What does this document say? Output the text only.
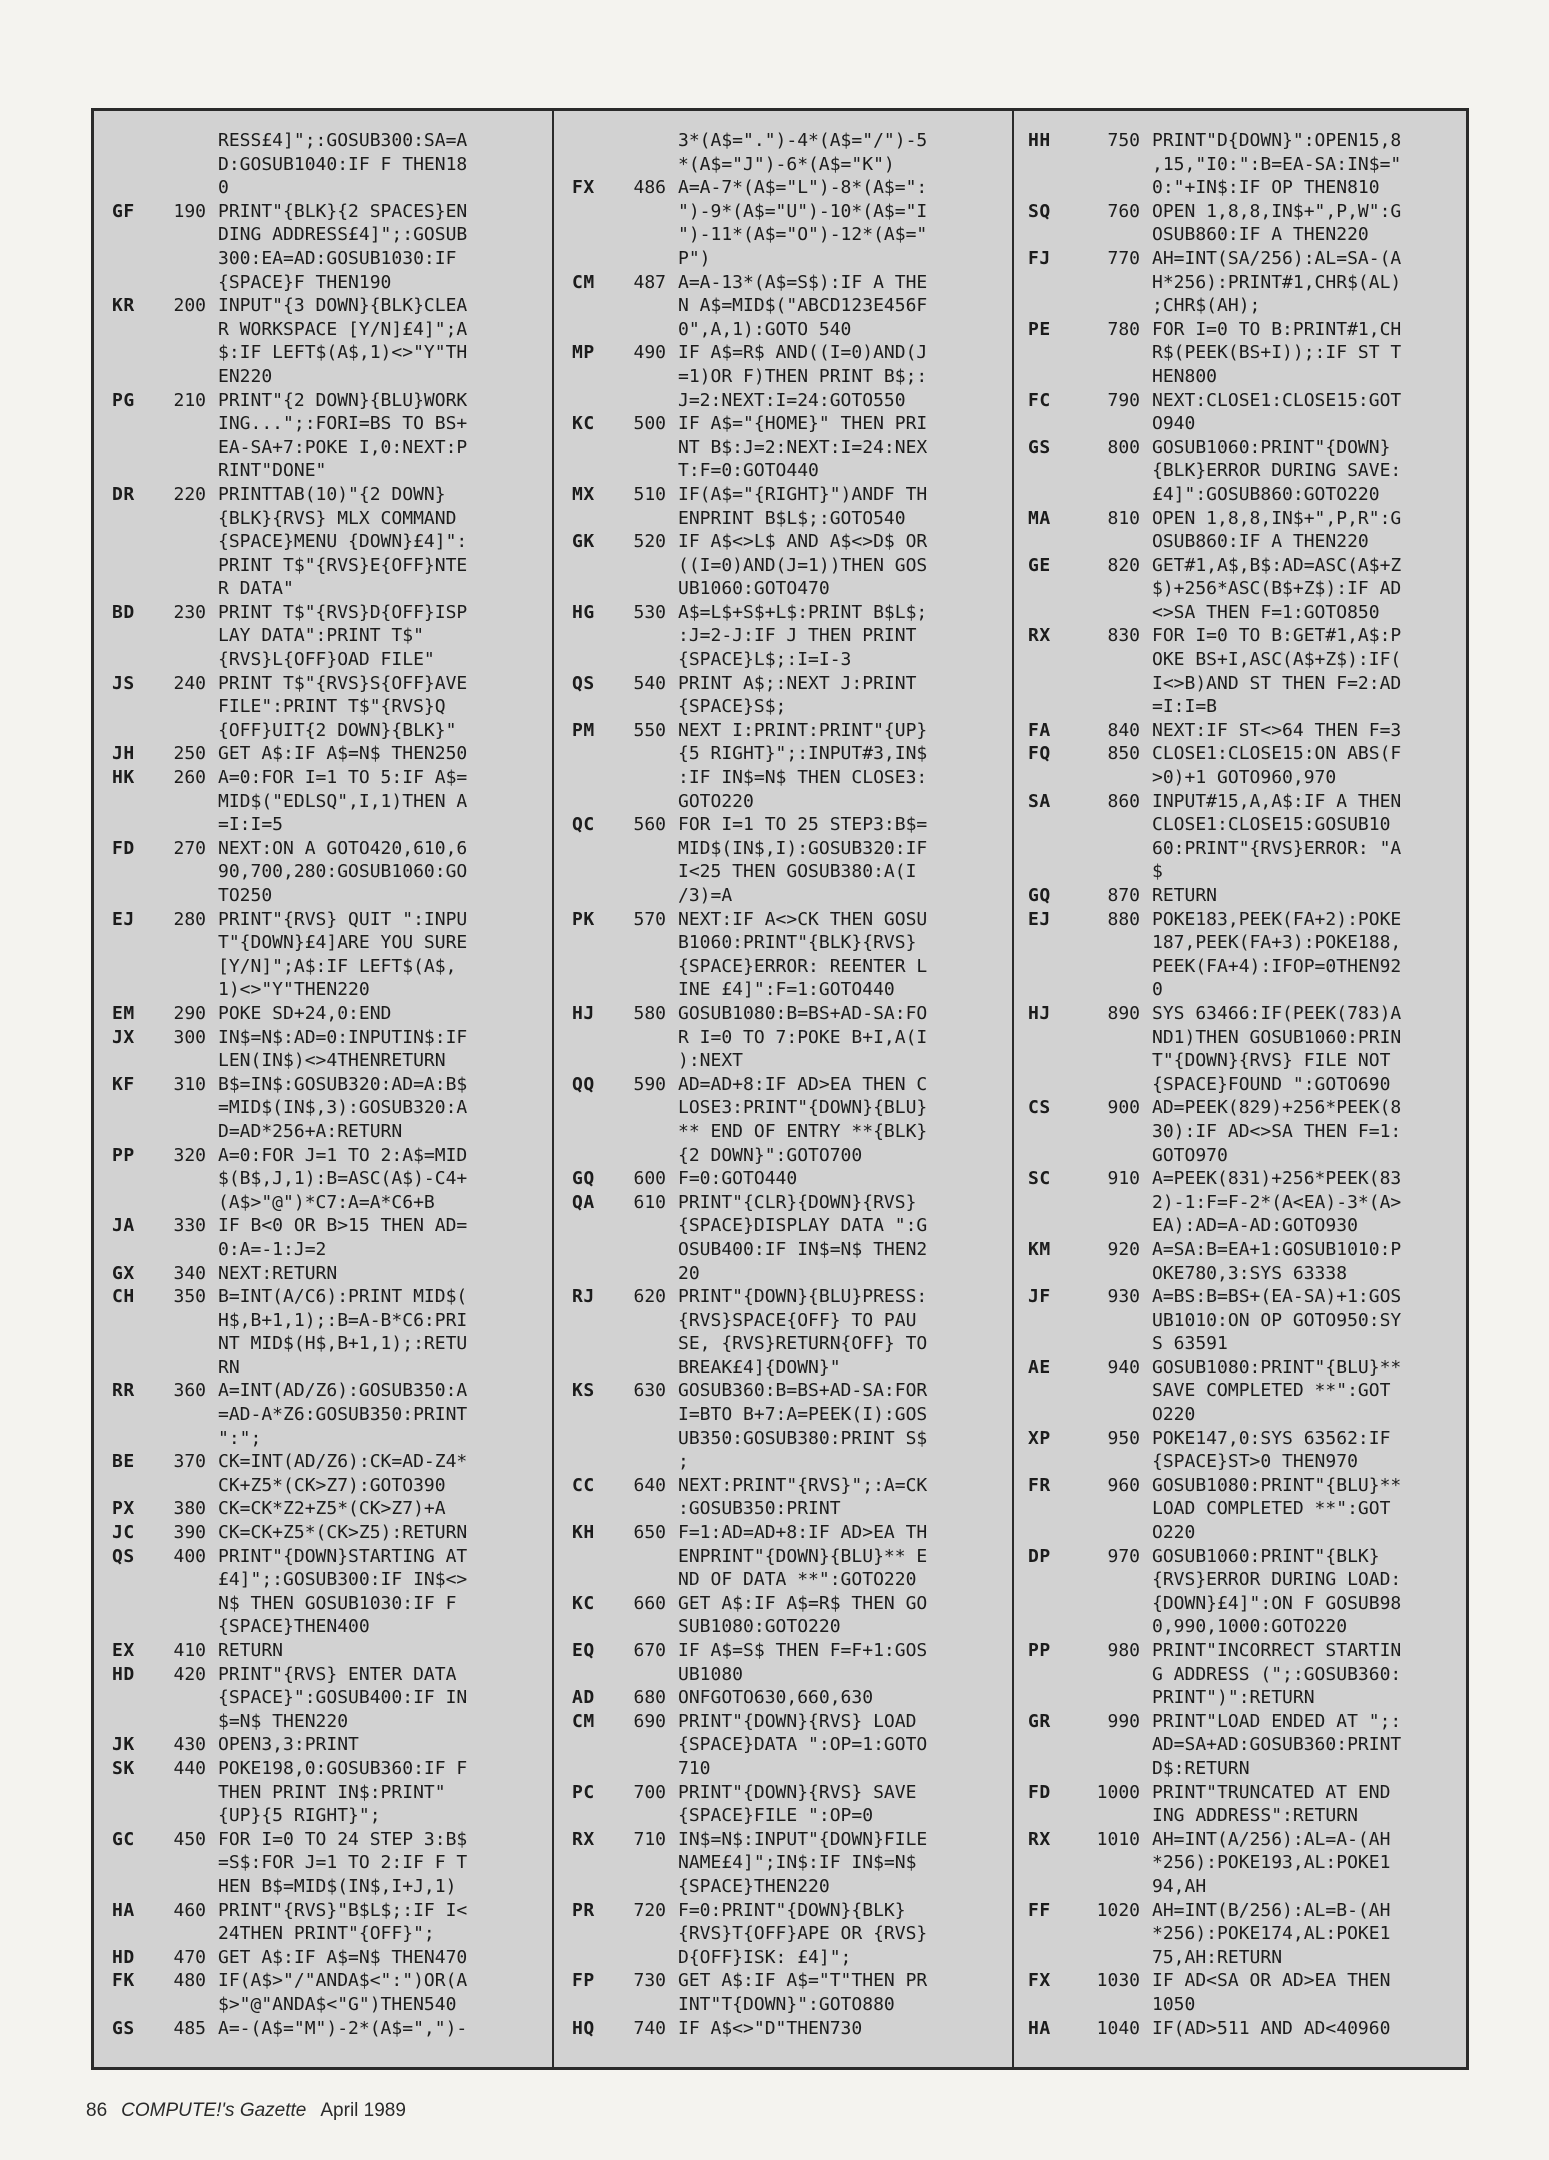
RESS£4]";:GOSUB300:SA=A
D:GOSUB1040:IF F THEN18
0
GF	190 PRINT"{BLK}{2 SPACES}EN
DING ADDRESS£4]";:GOSUB
300:EA=AD:GOSUB1030:IF
{SPACE}F THEN190
KR	200 INPUT"{3 DOWN}{BLK}CLEA
R WORKSPACE [Y/N]£4]";A
$:IF LEFT$(A$,1)<>"Y"TH
EN220
PG	210 PRINT"{2 DOWN}{BLU}WORK
ING...";:FORI=BS TO BS+
EA-SA+7:POKE I,0:NEXT:P
RINT"DONE"
DR	220 PRINTTAB(10)"{2 DOWN}
{BLK}{RVS} MLX COMMAND
{SPACE}MENU {DOWN}£4]":
PRINT T$"{RVS}E{OFF}NTE
R DATA"
BD	230 PRINT T$"{RVS}D{OFF}ISP
LAY DATA":PRINT T$"
{RVS}L{OFF}OAD FILE"
JS	240 PRINT T$"{RVS}S{OFF}AVE
FILE":PRINT T$"{RVS}Q
{OFF}UIT{2 DOWN}{BLK}"
JH	250 GET A$:IF A$=N$ THEN250
HK	260 A=0:FOR I=1 TO 5:IF A$=
MID$("EDLSQ",I,1)THEN A
=I:I=5
FD	270 NEXT:ON A GOTO420,610,6
90,700,280:GOSUB1060:GO
TO250
EJ	280 PRINT"{RVS} QUIT ":INPU
T"{DOWN}£4]ARE YOU SURE
[Y/N]";A$:IF LEFT$(A$,
1)<>"Y"THEN220
EM	290 POKE SD+24,0:END
JX	300 IN$=N$:AD=0:INPUTIN$:IF
LEN(IN$)<>4THENRETURN
KF	310 B$=IN$:GOSUB320:AD=A:B$
=MID$(IN$,3):GOSUB320:A
D=AD*256+A:RETURN
PP	320 A=0:FOR J=1 TO 2:A$=MID
$(B$,J,1):B=ASC(A$)-C4+
(A$>"@")*C7:A=A*C6+B
JA	330 IF B<0 OR B>15 THEN AD=
0:A=-1:J=2
GX	340 NEXT:RETURN
CH	350 B=INT(A/C6):PRINT MID$(
H$,B+1,1);:B=A-B*C6:PRI
NT MID$(H$,B+1,1);:RETU
RN
RR	360 A=INT(AD/Z6):GOSUB350:A
=AD-A*Z6:GOSUB350:PRINT
":";
BE	370 CK=INT(AD/Z6):CK=AD-Z4*
CK+Z5*(CK>Z7):GOTO390
PX	380 CK=CK*Z2+Z5*(CK>Z7)+A
JC	390 CK=CK+Z5*(CK>Z5):RETURN
QS	400 PRINT"{DOWN}STARTING AT
£4]";:GOSUB300:IF IN$<>
N$ THEN GOSUB1030:IF F
{SPACE}THEN400
EX	410 RETURN
HD	420 PRINT"{RVS} ENTER DATA
{SPACE}":GOSUB400:IF IN
$=N$ THEN220
JK	430 OPEN3,3:PRINT
SK	440 POKE198,0:GOSUB360:IF F
THEN PRINT IN$:PRINT"
{UP}{5 RIGHT}";
GC	450 FOR I=0 TO 24 STEP 3:B$
=S$:FOR J=1 TO 2:IF F T
HEN B$=MID$(IN$,I+J,1)
HA	460 PRINT"{RVS}"B$L$;:IF I<
24THEN PRINT"{OFF}";
HD	470 GET A$:IF A$=N$ THEN470
FK	480 IF(A$>"/"ANDA$<":")OR(A
$>"@"ANDA$<"G")THEN540
GS	485 A=-(A$="M")-2*(A$=",")-
3*(A$=".")-4*(A$="/")-5
*(A$="J")-6*(A$="K")
FX	486 A=A-7*(A$="L")-8*(A$=":
")-9*(A$="U")-10*(A$="I
")-11*(A$="O")-12*(A$="
P")
CM	487 A=A-13*(A$=S$):IF A THE
N A$=MID$("ABCD123E456F
0",A,1):GOTO 540
MP	490 IF A$=R$ AND((I=0)AND(J
=1)OR F)THEN PRINT B$;:
J=2:NEXT:I=24:GOTO550
KC	500 IF A$="{HOME}" THEN PRI
NT B$:J=2:NEXT:I=24:NEX
T:F=0:GOTO440
MX	510 IF(A$="{RIGHT}")ANDF TH
ENPRINT B$L$;:GOTO540
GK	520 IF A$<>L$ AND A$<>D$ OR
((I=0)AND(J=1))THEN GOS
UB1060:GOTO470
HG	530 A$=L$+S$+L$:PRINT B$L$;
:J=2-J:IF J THEN PRINT
{SPACE}L$;:I=I-3
QS	540 PRINT A$;:NEXT J:PRINT
{SPACE}S$;
PM	550 NEXT I:PRINT:PRINT"{UP}
{5 RIGHT}";:INPUT#3,IN$
:IF IN$=N$ THEN CLOSE3:
GOTO220
QC	560 FOR I=1 TO 25 STEP3:B$=
MID$(IN$,I):GOSUB320:IF
I<25 THEN GOSUB380:A(I
/3)=A
PK	570 NEXT:IF A<>CK THEN GOSU
B1060:PRINT"{BLK}{RVS}
{SPACE}ERROR: REENTER L
INE £4]":F=1:GOTO440
HJ	580 GOSUB1080:B=BS+AD-SA:FO
R I=0 TO 7:POKE B+I,A(I
):NEXT
QQ	590 AD=AD+8:IF AD>EA THEN C
LOSE3:PRINT"{DOWN}{BLU}
** END OF ENTRY **{BLK}
{2 DOWN}":GOTO700
GQ	600 F=0:GOTO440
QA	610 PRINT"{CLR}{DOWN}{RVS}
{SPACE}DISPLAY DATA ":G
OSUB400:IF IN$=N$ THEN2
20
RJ	620 PRINT"{DOWN}{BLU}PRESS:
{RVS}SPACE{OFF} TO PAU
SE, {RVS}RETURN{OFF} TO
BREAK£4]{DOWN}"
KS	630 GOSUB360:B=BS+AD-SA:FOR
I=BTO B+7:A=PEEK(I):GOS
UB350:GOSUB380:PRINT S$
;
CC	640 NEXT:PRINT"{RVS}";:A=CK
:GOSUB350:PRINT
KH	650 F=1:AD=AD+8:IF AD>EA TH
ENPRINT"{DOWN}{BLU}** E
ND OF DATA **":GOTO220
KC	660 GET A$:IF A$=R$ THEN GO
SUB1080:GOTO220
EQ	670 IF A$=S$ THEN F=F+1:GOS
UB1080
AD	680 ONFGOTO630,660,630
CM	690 PRINT"{DOWN}{RVS} LOAD
{SPACE}DATA ":OP=1:GOTO
710
PC	700 PRINT"{DOWN}{RVS} SAVE
{SPACE}FILE ":OP=0
RX	710 IN$=N$:INPUT"{DOWN}FILE
NAME£4]";IN$:IF IN$=N$
{SPACE}THEN220
PR	720 F=0:PRINT"{DOWN}{BLK}
{RVS}T{OFF}APE OR {RVS}
D{OFF}ISK: £4]";
FP	730 GET A$:IF A$="T"THEN PR
INT"T{DOWN}":GOTO880
HQ	740 IF A$<>"D"THEN730
HH	750 PRINT"D{DOWN}":OPEN15,8
,15,"I0:":B=EA-SA:IN$="
0:"+IN$:IF OP THEN810
SQ	760 OPEN 1,8,8,IN$+",P,W":G
OSUB860:IF A THEN220
FJ	770 AH=INT(SA/256):AL=SA-(A
H*256):PRINT#1,CHR$(AL)
;CHR$(AH);
PE	780 FOR I=0 TO B:PRINT#1,CH
R$(PEEK(BS+I));:IF ST T
HEN800
FC	790 NEXT:CLOSE1:CLOSE15:GOT
O940
GS	800 GOSUB1060:PRINT"{DOWN}
{BLK}ERROR DURING SAVE:
£4]":GOSUB860:GOTO220
MA	810 OPEN 1,8,8,IN$+",P,R":G
OSUB860:IF A THEN220
GE	820 GET#1,A$,B$:AD=ASC(A$+Z
$)+256*ASC(B$+Z$):IF AD
<>SA THEN F=1:GOTO850
RX	830 FOR I=0 TO B:GET#1,A$:P
OKE BS+I,ASC(A$+Z$):IF(
I<>B)AND ST THEN F=2:AD
=I:I=B
FA	840 NEXT:IF ST<>64 THEN F=3
FQ	850 CLOSE1:CLOSE15:ON ABS(F
>0)+1 GOTO960,970
SA	860 INPUT#15,A,A$:IF A THEN
CLOSE1:CLOSE15:GOSUB10
60:PRINT"{RVS}ERROR: "A
$
GQ	870 RETURN
EJ	880 POKE183,PEEK(FA+2):POKE
187,PEEK(FA+3):POKE188,
PEEK(FA+4):IFOP=0THEN92
0
HJ	890 SYS 63466:IF(PEEK(783)A
ND1)THEN GOSUB1060:PRIN
T"{DOWN}{RVS} FILE NOT
{SPACE}FOUND ":GOTO690
CS	900 AD=PEEK(829)+256*PEEK(8
30):IF AD<>SA THEN F=1:
GOTO970
SC	910 A=PEEK(831)+256*PEEK(83
2)-1:F=F-2*(A<EA)-3*(A>
EA):AD=A-AD:GOTO930
KM	920 A=SA:B=EA+1:GOSUB1010:P
OKE780,3:SYS 63338
JF	930 A=BS:B=BS+(EA-SA)+1:GOS
UB1010:ON OP GOTO950:SY
S 63591
AE	940 GOSUB1080:PRINT"{BLU}**
SAVE COMPLETED **":GOT
O220
XP	950 POKE147,0:SYS 63562:IF
{SPACE}ST>0 THEN970
FR	960 GOSUB1080:PRINT"{BLU}**
LOAD COMPLETED **":GOT
O220
DP	970 GOSUB1060:PRINT"{BLK}
{RVS}ERROR DURING LOAD:
{DOWN}£4]":ON F GOSUB98
0,990,1000:GOTO220
PP	980 PRINT"INCORRECT STARTIN
G ADDRESS (";:GOSUB360:
PRINT")":RETURN
GR	990 PRINT"LOAD ENDED AT ";:
AD=SA+AD:GOSUB360:PRINT
D$:RETURN
FD	1000 PRINT"TRUNCATED AT END
ING ADDRESS":RETURN
RX	1010 AH=INT(A/256):AL=A-(AH
*256):POKE193,AL:POKE1
94,AH
FF	1020 AH=INT(B/256):AL=B-(AH
*256):POKE174,AL:POKE1
75,AH:RETURN
FX	1030 IF AD<SA OR AD>EA THEN
1050
HA	1040 IF(AD>511 AND AD<40960
86 COMPUTE!'s Gazette April 1989
